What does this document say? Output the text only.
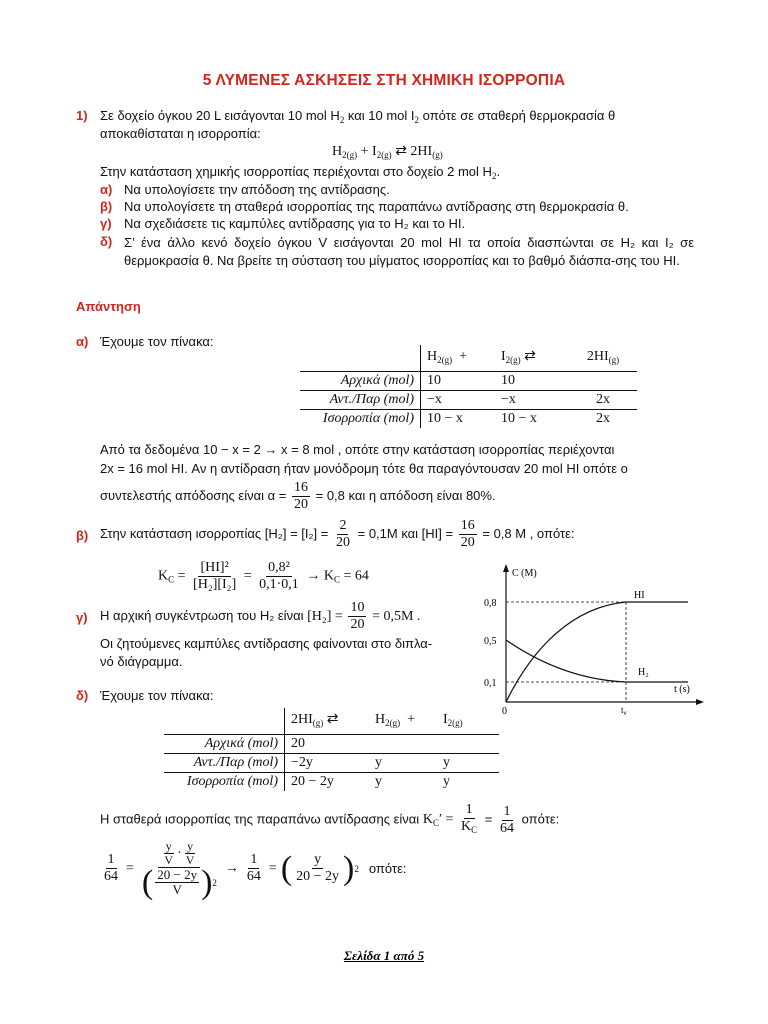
5 ΛΥΜΕΝΕΣ ΑΣΚΗΣΕΙΣ ΣΤΗ ΧΗΜΙΚΗ ΙΣΟΡΡΟΠΙΑ
1) Σε δοχείο όγκου 20 L εισάγονται 10 mol $H_2$ και 10 mol $I_2$ οπότε σε σταθερή θερμοκρασία θ
αποκαθίσταται η ισορροπία:
$H_{2(g)} + I_{2(g)}$ ⇄ $2HI_{(g)}$
Στην κατάσταση χημικής ισορροπίας περιέχονται στο δοχείο 2 mol $H_2$.
α) Να υπολογίσετε την απόδοση της αντίδρασης.
β) Να υπολογίσετε τη σταθερά ισορροπίας της παραπάνω αντίδρασης στη θερμοκρασία θ.
γ) Να σχεδιάσετε τις καμπύλες αντίδρασης για το H₂ και το HI.
δ) Σ’ ένα άλλο κενό δοχείο όγκου V εισάγονται 20 mol HI τα οποία διασπώνται σε H₂ και I₂ σε θερμοκρασία θ. Να βρείτε τη σύσταση του μίγματος ισορροπίας και το βαθμό διάσπα-σης του HI.
Απάντηση
α) Έχουμε τον πίνακα:
	$H_{2(g)}$  +	$I_{2(g)}$ ⇄	$2HI_{(g)}$
Αρχικά (mol)	10	10	
Αντ./Παρ (mol)	−x	−x	2x
Ισορροπία (mol)	10 − x	10 − x	2x
Από τα δεδομένα 10 − x = 2 → x = 8 mol , οπότε στην κατάσταση ισορροπίας περιέχονται
2x = 16 mol HI. Αν η αντίδραση ήταν μονόδρομη τότε θα παραγόντουσαν 20 mol HI οπότε ο
συντελεστής απόδοσης είναι $\alpha = \frac{16}{20} = 0,8$ και η απόδοση είναι 80%.
β) Στην κατάσταση ισορροπίας $[H_2] = [I_2] = \frac{2}{20} = 0,1M$ και $[HI] = \frac{16}{20} = 0,8$ M , οπότε:
$K_C = \frac{\text{[HI]²}}{\text{[H₂][I₂]}} = \frac{\text{0,8²}}{0,1\cdot 0,1} \to K_C = 64$
γ) Η αρχική συγκέντρωση του H₂ είναι $[H_2] = \frac{10}{20} = 0,5M$ .
Οι ζητούμενες καμπύλες αντίδρασης φαίνονται στο διπλα-
νό διάγραμμα.
C (M)
t (s)
0,8
0,5
0,1
0
HI
H₂
$t_\nu$
δ) Έχουμε τον πίνακα:
	$2HI_{(g)}$ ⇄	$H_{2(g)}$  +	$I_{2(g)}$
Αρχικά (mol)	20		
Αντ./Παρ (mol)	−2y	y	y
Ισορροπία (mol)	20 − 2y	y	y
Η σταθερά ισορροπίας της παραπάνω αντίδρασης είναι $K_C' = \frac{1}{K_C} = \frac{1}{64} o\pi ό\tau\varepsilon$:
$\frac{1}{64} = \frac{\frac{y}{V} \cdot \frac{y}{V}}{( \frac{20 - 2y}{V} ) 2} \to \frac{1}{64}$ = ( $\frac{y}{20 - 2y}$ ) 2 οπότε:
Σελίδα 1 από 5
